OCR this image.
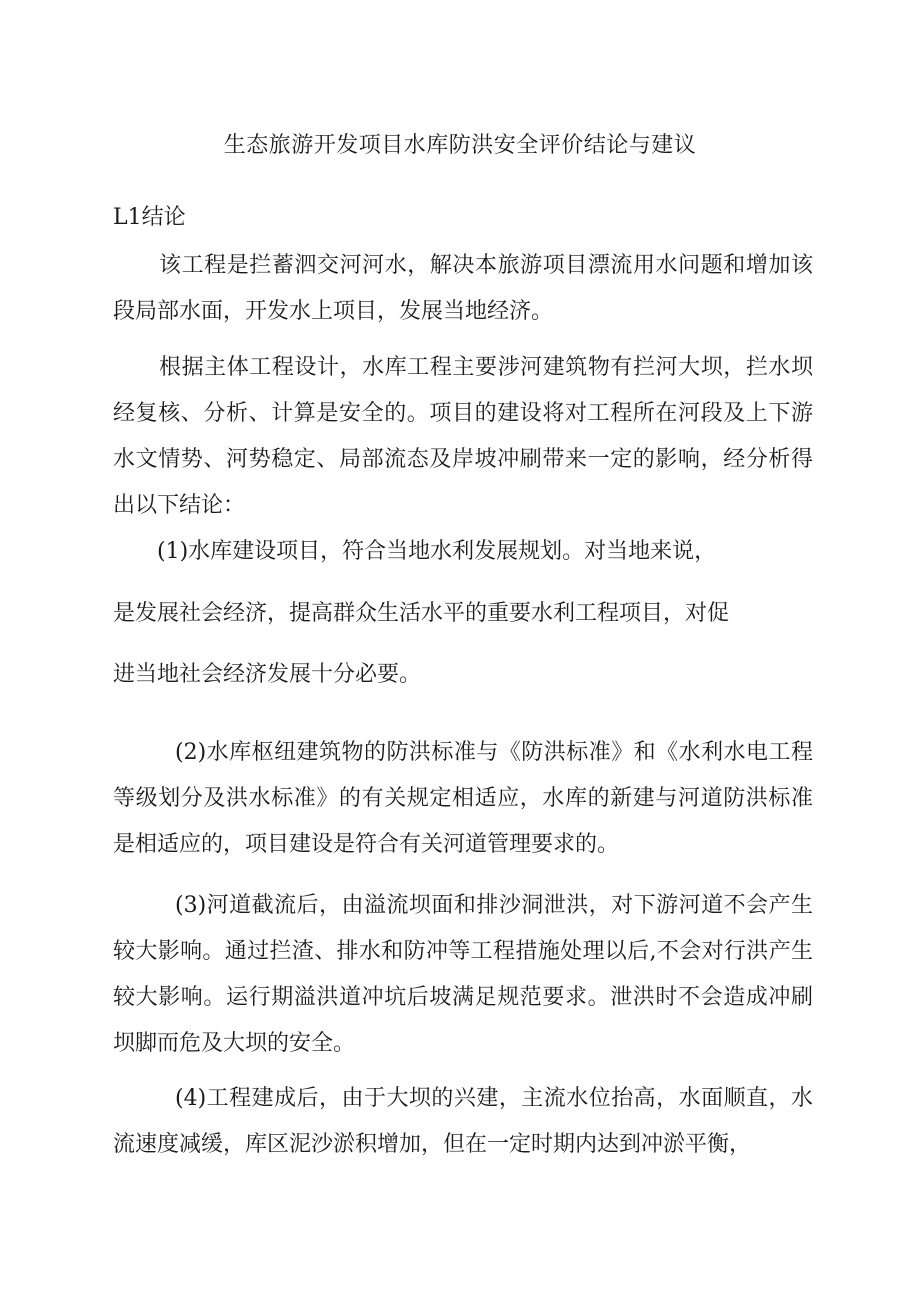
生态旅游开发项目水库防洪安全评价结论与建议
L1结论

该工程是拦蓄泗交河河水，解决本旅游项目漂流用水问题和增加该段局部水面，开发水上项目，发展当地经济。

根据主体工程设计，水库工程主要涉河建筑物有拦河大坝，拦水坝经复核、分析、计算是安全的。项目的建设将对工程所在河段及上下游水文情势、河势稳定、局部流态及岸坡冲刷带来一定的影响，经分析得出以下结论：

(1)水库建设项目，符合当地水利发展规划。对当地来说，

是发展社会经济，提高群众生活水平的重要水利工程项目，对促

进当地社会经济发展十分必要。

(2)水库枢纽建筑物的防洪标准与《防洪标准》和《水利水电工程等级划分及洪水标准》的有关规定相适应，水库的新建与河道防洪标准是相适应的，项目建设是符合有关河道管理要求的。

(3)河道截流后，由溢流坝面和排沙洞泄洪，对下游河道不会产生较大影响。通过拦渣、排水和防冲等工程措施处理以后,不会对行洪产生较大影响。运行期溢洪道冲坑后坡满足规范要求。泄洪时不会造成冲刷坝脚而危及大坝的安全。

(4)工程建成后，由于大坝的兴建，主流水位抬高，水面顺直，水流速度减缓，库区泥沙淤积增加，但在一定时期内达到冲淤平衡，
